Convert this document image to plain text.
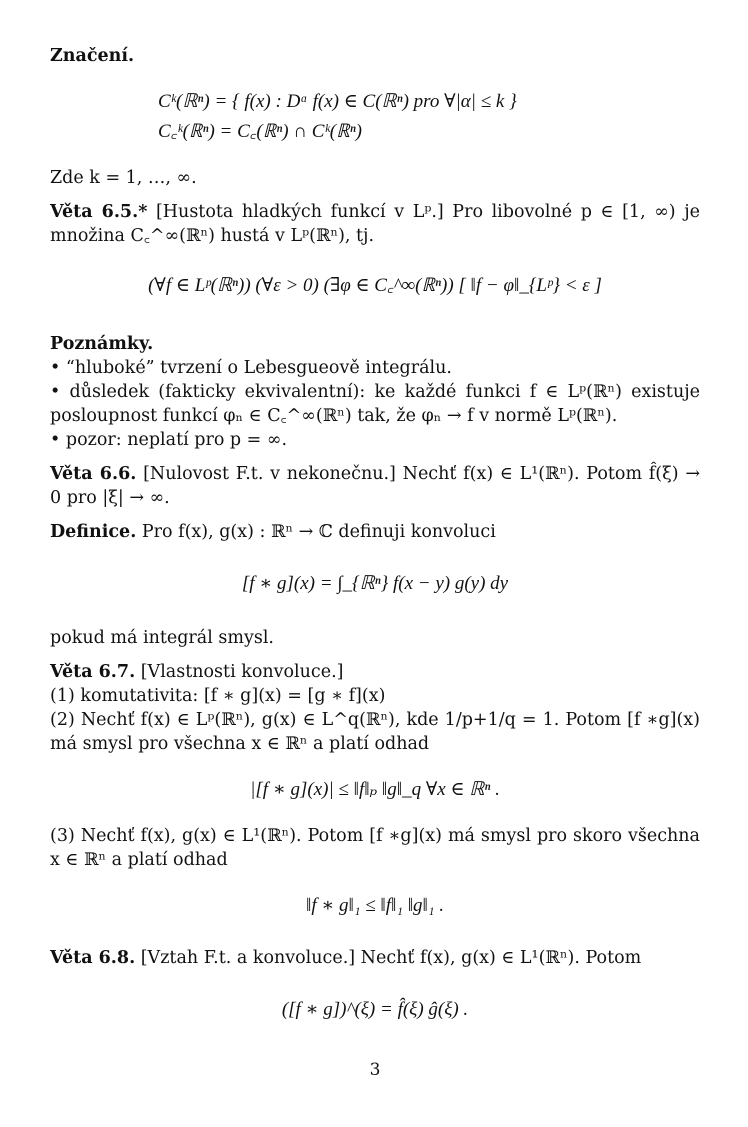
Značení.
Cᵏ(ℝⁿ) = { f(x) : Dᵅ f(x) ∈ C(ℝⁿ) pro ∀|α| ≤ k }
C꜀ᵏ(ℝⁿ) = C꜀(ℝⁿ) ∩ Cᵏ(ℝⁿ)
Zde k = 1, …, ∞.
Věta 6.5.* [Hustota hladkých funkcí v Lᵖ.] Pro libovolné p ∈ [1, ∞) je množina C꜀^∞(ℝⁿ) hustá v Lᵖ(ℝⁿ), tj.
(∀f ∈ Lᵖ(ℝⁿ)) (∀ε > 0) (∃φ ∈ C꜀^∞(ℝⁿ)) [ ‖f − φ‖_{Lᵖ} < ε ]
Poznámky.
• “hluboké” tvrzení o Lebesgueově integrálu.
• důsledek (fakticky ekvivalentní): ke každé funkci f ∈ Lᵖ(ℝⁿ) existuje posloupnost funkcí φₙ ∈ C꜀^∞(ℝⁿ) tak, že φₙ → f v normě Lᵖ(ℝⁿ).
• pozor: neplatí pro p = ∞.
Věta 6.6. [Nulovost F.t. v nekonečnu.] Nechť f(x) ∈ L¹(ℝⁿ). Potom f̂(ξ) → 0 pro |ξ| → ∞.
Definice. Pro f(x), g(x) : ℝⁿ → ℂ definuji konvoluci
[f ∗ g](x) = ∫_{ℝⁿ} f(x − y) g(y) dy
pokud má integrál smysl.
Věta 6.7. [Vlastnosti konvoluce.]
(1) komutativita: [f ∗ g](x) = [g ∗ f](x)
(2) Nechť f(x) ∈ Lᵖ(ℝⁿ), g(x) ∈ L^q(ℝⁿ), kde 1/p+1/q = 1. Potom [f ∗g](x) má smysl pro všechna x ∈ ℝⁿ a platí odhad
|[f ∗ g](x)| ≤ ‖f‖ₚ ‖g‖_q ∀x ∈ ℝⁿ .
(3) Nechť f(x), g(x) ∈ L¹(ℝⁿ). Potom [f ∗g](x) má smysl pro skoro všechna x ∈ ℝⁿ a platí odhad
‖f ∗ g‖₁ ≤ ‖f‖₁ ‖g‖₁ .
Věta 6.8. [Vztah F.t. a konvoluce.] Nechť f(x), g(x) ∈ L¹(ℝⁿ). Potom
([f ∗ g])^(ξ) = f̂(ξ) ĝ(ξ) .
3
